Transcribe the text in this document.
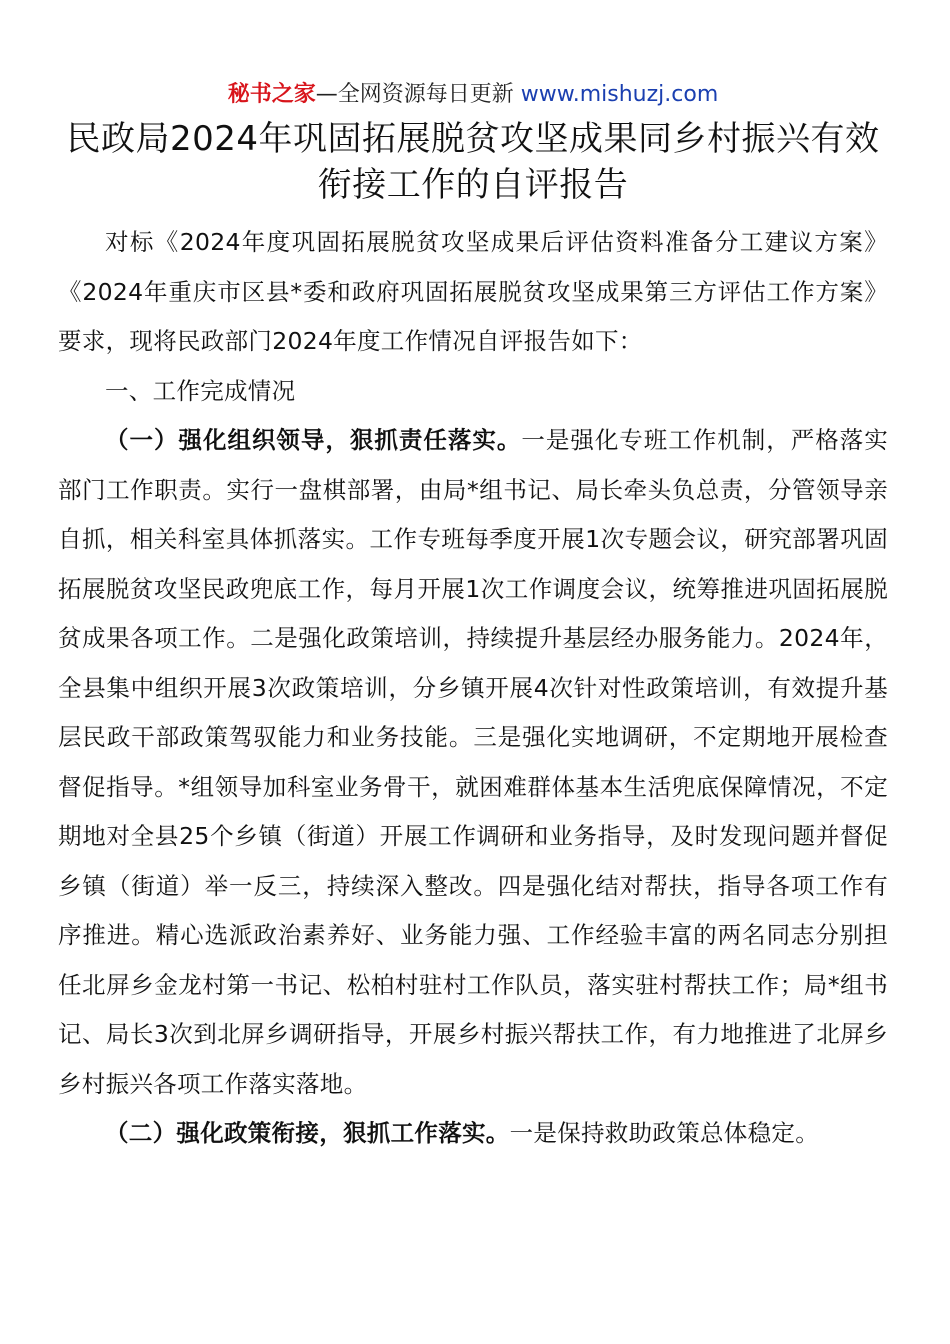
秘书之家—全网资源每日更新 www.mishuzj.com
民政局2024年巩固拓展脱贫攻坚成果同乡村振兴有效衔接工作的自评报告

对标《2024年度巩固拓展脱贫攻坚成果后评估资料准备分工建议方案》《2024年重庆市区县*委和政府巩固拓展脱贫攻坚成果第三方评估工作方案》要求，现将民政部门2024年度工作情况自评报告如下：

一、工作完成情况

（一）强化组织领导，狠抓责任落实。一是强化专班工作机制，严格落实部门工作职责。实行一盘棋部署，由局*组书记、局长牵头负总责，分管领导亲自抓，相关科室具体抓落实。工作专班每季度开展1次专题会议，研究部署巩固拓展脱贫攻坚民政兜底工作，每月开展1次工作调度会议，统筹推进巩固拓展脱贫成果各项工作。二是强化政策培训，持续提升基层经办服务能力。2024年，全县集中组织开展3次政策培训，分乡镇开展4次针对性政策培训，有效提升基层民政干部政策驾驭能力和业务技能。三是强化实地调研，不定期地开展检查督促指导。*组领导加科室业务骨干，就困难群体基本生活兜底保障情况，不定期地对全县25个乡镇（街道）开展工作调研和业务指导，及时发现问题并督促乡镇（街道）举一反三，持续深入整改。四是强化结对帮扶，指导各项工作有序推进。精心选派政治素养好、业务能力强、工作经验丰富的两名同志分别担任北屏乡金龙村第一书记、松柏村驻村工作队员，落实驻村帮扶工作；局*组书记、局长3次到北屏乡调研指导，开展乡村振兴帮扶工作，有力地推进了北屏乡乡村振兴各项工作落实落地。

（二）强化政策衔接，狠抓工作落实。一是保持救助政策总体稳定。
